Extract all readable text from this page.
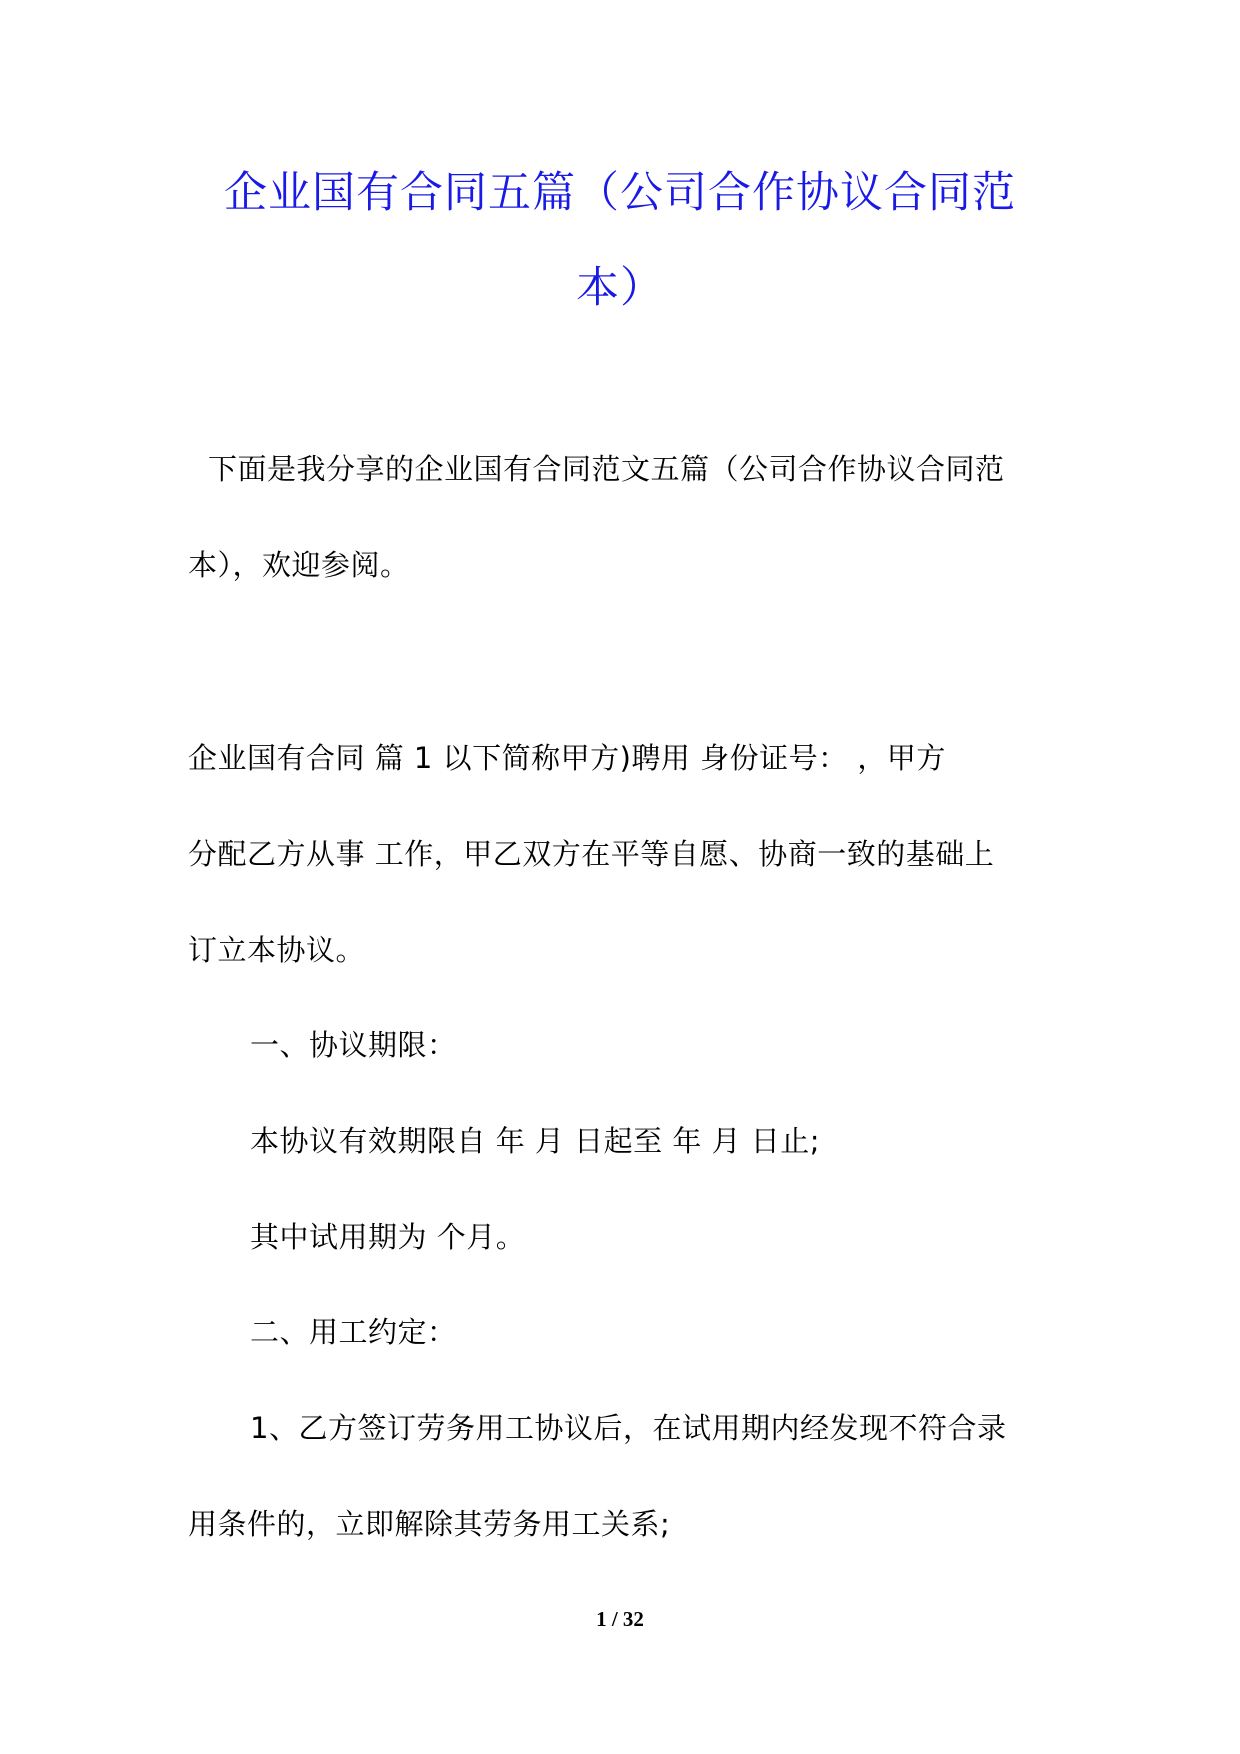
企业国有合同五篇（公司合作协议合同范
本）
下面是我分享的企业国有合同范文五篇（公司合作协议合同范
本），欢迎参阅。
企业国有合同 篇 1 以下简称甲方)聘用 身份证号： ，甲方
分配乙方从事 工作，甲乙双方在平等自愿、协商一致的基础上
订立本协议。
一、协议期限：
本协议有效期限自 年 月 日起至 年 月 日止;
其中试用期为 个月。
二、用工约定：
1、乙方签订劳务用工协议后，在试用期内经发现不符合录
用条件的，立即解除其劳务用工关系;
1 / 32
